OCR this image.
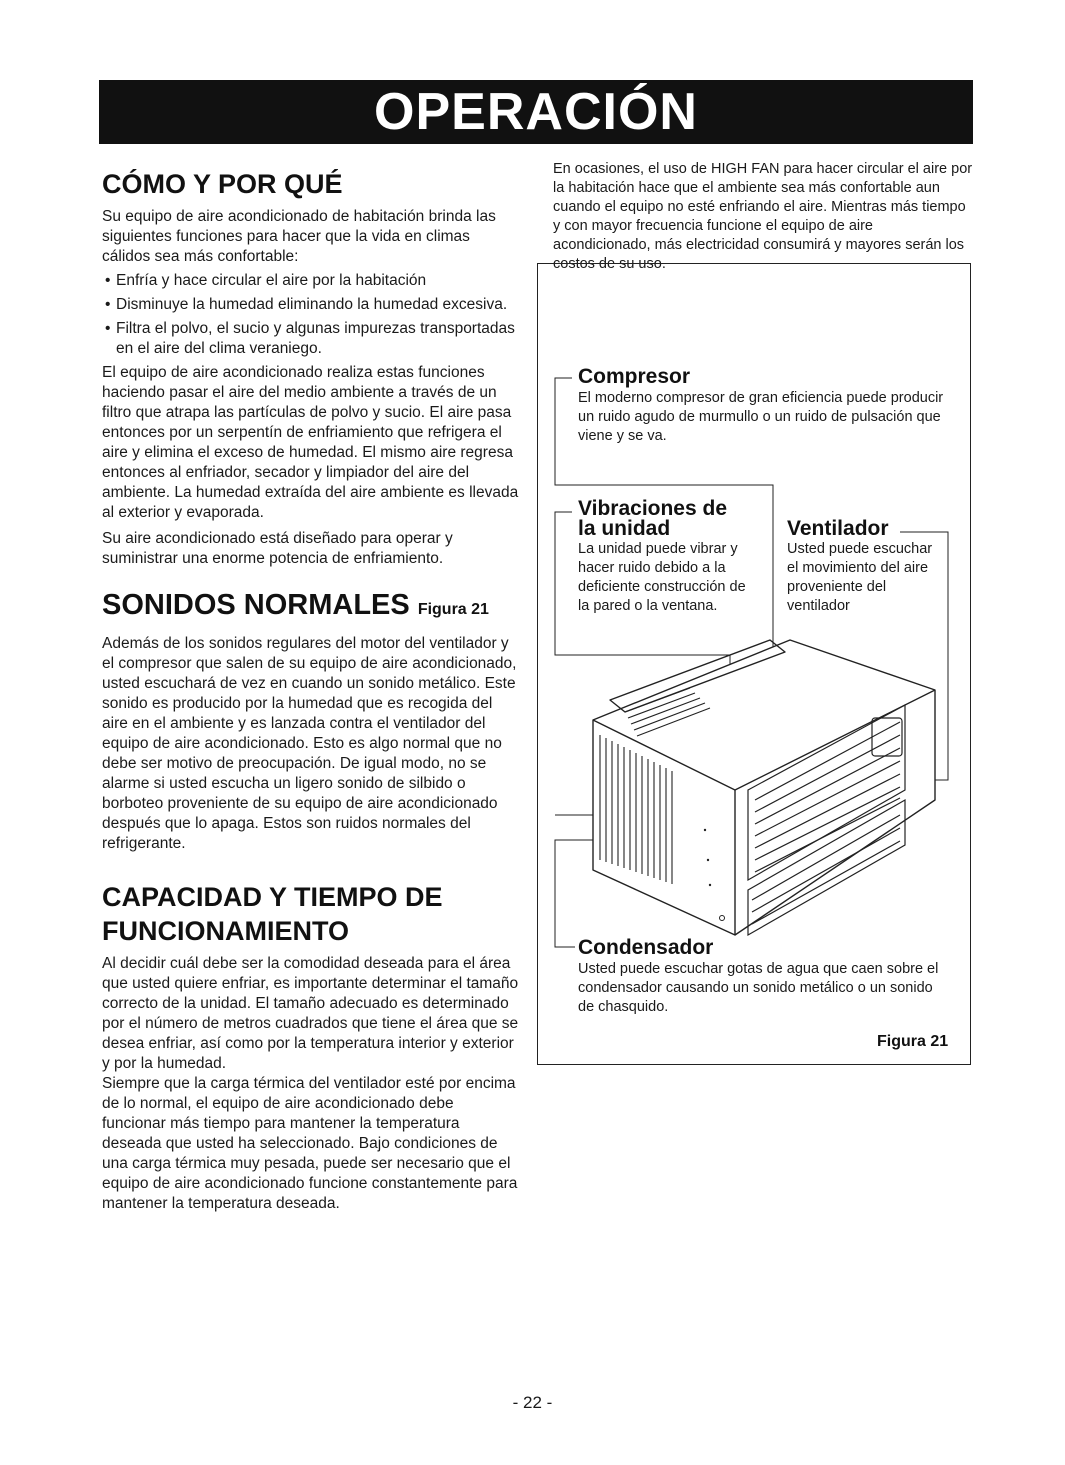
OPERACIÓN
CÓMO Y POR QUÉ

Su equipo de aire acondicionado de habitación brinda las siguientes funciones para hacer que la vida en climas cálidos sea más confortable:

• Enfría y hace circular el aire por la habitación
• Disminuye la humedad eliminando la humedad excesiva.
• Filtra el polvo, el sucio y algunas impurezas transportadas en el aire del clima veraniego.

El equipo de aire acondicionado realiza estas funciones haciendo pasar el aire del medio ambiente a través de un filtro que atrapa las partículas de polvo y sucio. El aire pasa entonces por un serpentín de enfriamiento que refrigera el aire y elimina el exceso de humedad. El mismo aire regresa entonces al enfriador, secador y limpiador del aire del ambiente. La humedad extraída del aire ambiente es llevada al exterior y evaporada.

Su aire acondicionado está diseñado para operar y suministrar una enorme potencia de enfriamiento.

SONIDOS NORMALES Figura 21

Además de los sonidos regulares del motor del ventilador y el compresor que salen de su equipo de aire acondicionado, usted escuchará de vez en cuando un sonido metálico. Este sonido es producido por la humedad que es recogida del aire en el ambiente y es lanzada contra el ventilador del equipo de aire acondicionado. Esto es algo normal que no debe ser motivo de preocupación. De igual modo, no se alarme si usted escucha un ligero sonido de silbido o borboteo proveniente de su equipo de aire acondicionado después que lo apaga. Estos son ruidos normales del refrigerante.

CAPACIDAD Y TIEMPO DE FUNCIONAMIENTO

Al decidir cuál debe ser la comodidad deseada para el área que usted quiere enfriar, es importante determinar el tamaño correcto de la unidad. El tamaño adecuado es determinado por el número de metros cuadrados que tiene el área que se desea enfriar, así como por la temperatura interior y exterior y por la humedad.

Siempre que la carga térmica del ventilador esté por encima de lo normal, el equipo de aire acondicionado debe funcionar más tiempo para mantener la temperatura deseada que usted ha seleccionado. Bajo condiciones de una carga térmica muy pesada, puede ser necesario que el equipo de aire acondicionado funcione constantemente para mantener la temperatura deseada.

En ocasiones, el uso de HIGH FAN para hacer circular el aire por la habitación hace que el ambiente sea más confortable aun cuando el equipo no esté enfriando el aire. Mientras más tiempo y con mayor frecuencia funcione el equipo de aire acondicionado, más electricidad consumirá y mayores serán los costos de su uso.

Compresor
El moderno compresor de gran eficiencia puede producir un ruido agudo de murmullo o un ruido de pulsación que viene y se va.
Vibraciones de
la unidad
La unidad puede vibrar y hacer ruido debido a la deficiente construcción de la pared o la ventana.
Ventilador
Usted puede escuchar el movimiento del aire proveniente del ventilador
Condensador
Usted puede escuchar gotas de agua que caen sobre el condensador causando un sonido metálico o un sonido de chasquido.
Figura 21
- 22 -
